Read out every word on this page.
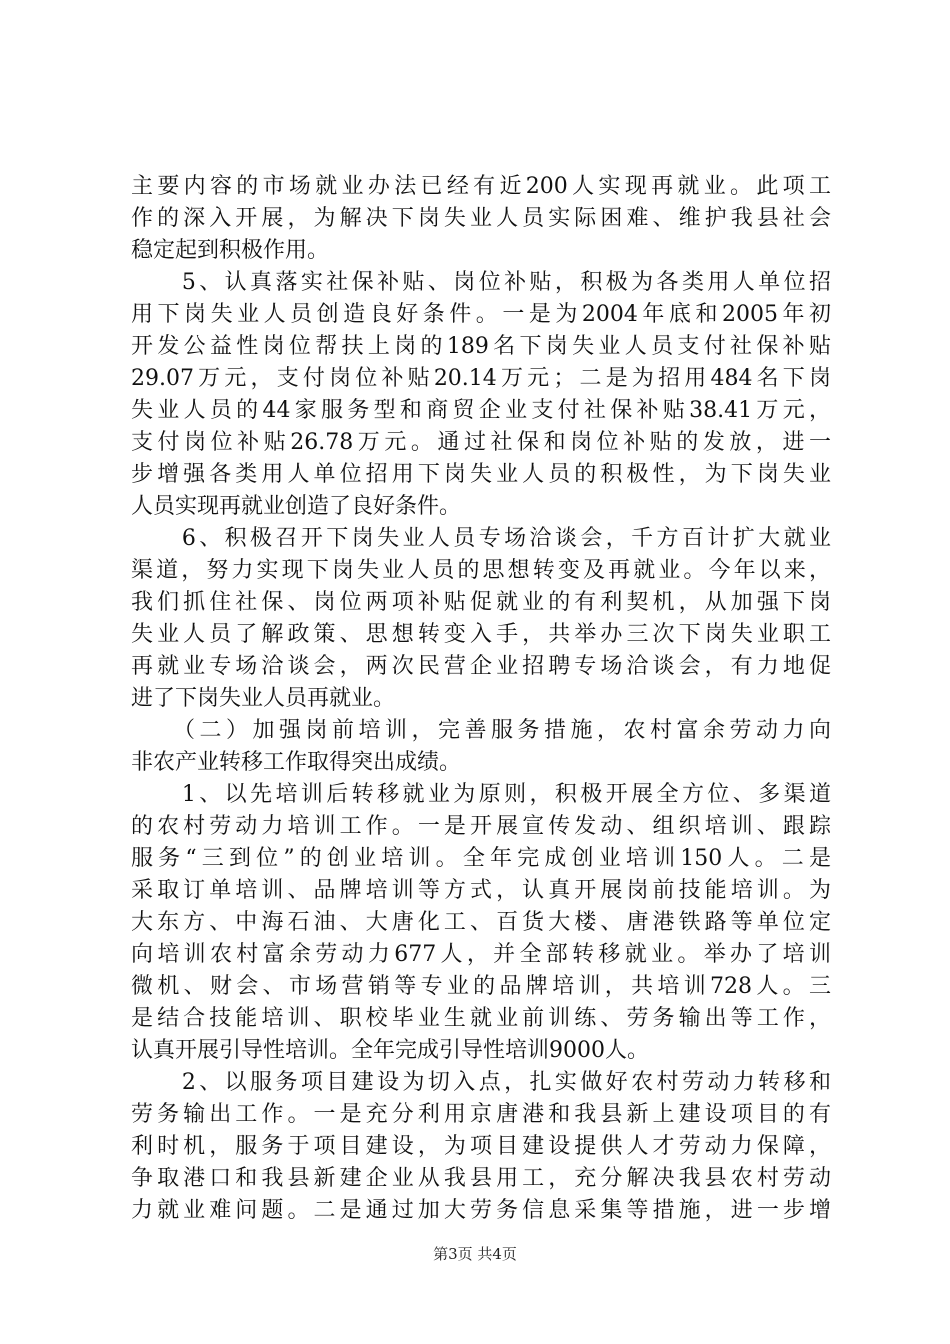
主要内容的市场就业办法已经有近200人实现再就业。此项工
作的深入开展，为解决下岗失业人员实际困难、维护我县社会
稳定起到积极作用。
　　5、认真落实社保补贴、岗位补贴，积极为各类用人单位招
用下岗失业人员创造良好条件。一是为2004年底和2005年初
开发公益性岗位帮扶上岗的189名下岗失业人员支付社保补贴
29.07万元，支付岗位补贴20.14万元；二是为招用484名下岗
失业人员的44家服务型和商贸企业支付社保补贴38.41万元，
支付岗位补贴26.78万元。通过社保和岗位补贴的发放，进一
步增强各类用人单位招用下岗失业人员的积极性，为下岗失业
人员实现再就业创造了良好条件。
　　6、积极召开下岗失业人员专场洽谈会，千方百计扩大就业
渠道，努力实现下岗失业人员的思想转变及再就业。今年以来，
我们抓住社保、岗位两项补贴促就业的有利契机，从加强下岗
失业人员了解政策、思想转变入手，共举办三次下岗失业职工
再就业专场洽谈会，两次民营企业招聘专场洽谈会，有力地促
进了下岗失业人员再就业。
　　（二）加强岗前培训，完善服务措施，农村富余劳动力向
非农产业转移工作取得突出成绩。
　　1、以先培训后转移就业为原则，积极开展全方位、多渠道
的农村劳动力培训工作。一是开展宣传发动、组织培训、跟踪
服务“三到位”的创业培训。全年完成创业培训150人。二是
采取订单培训、品牌培训等方式，认真开展岗前技能培训。为
大东方、中海石油、大唐化工、百货大楼、唐港铁路等单位定
向培训农村富余劳动力677人，并全部转移就业。举办了培训
微机、财会、市场营销等专业的品牌培训，共培训728人。三
是结合技能培训、职校毕业生就业前训练、劳务输出等工作，
认真开展引导性培训。全年完成引导性培训9000人。
　　2、以服务项目建设为切入点，扎实做好农村劳动力转移和
劳务输出工作。一是充分利用京唐港和我县新上建设项目的有
利时机，服务于项目建设，为项目建设提供人才劳动力保障，
争取港口和我县新建企业从我县用工，充分解决我县农村劳动
力就业难问题。二是通过加大劳务信息采集等措施，进一步增
第3页 共4页
